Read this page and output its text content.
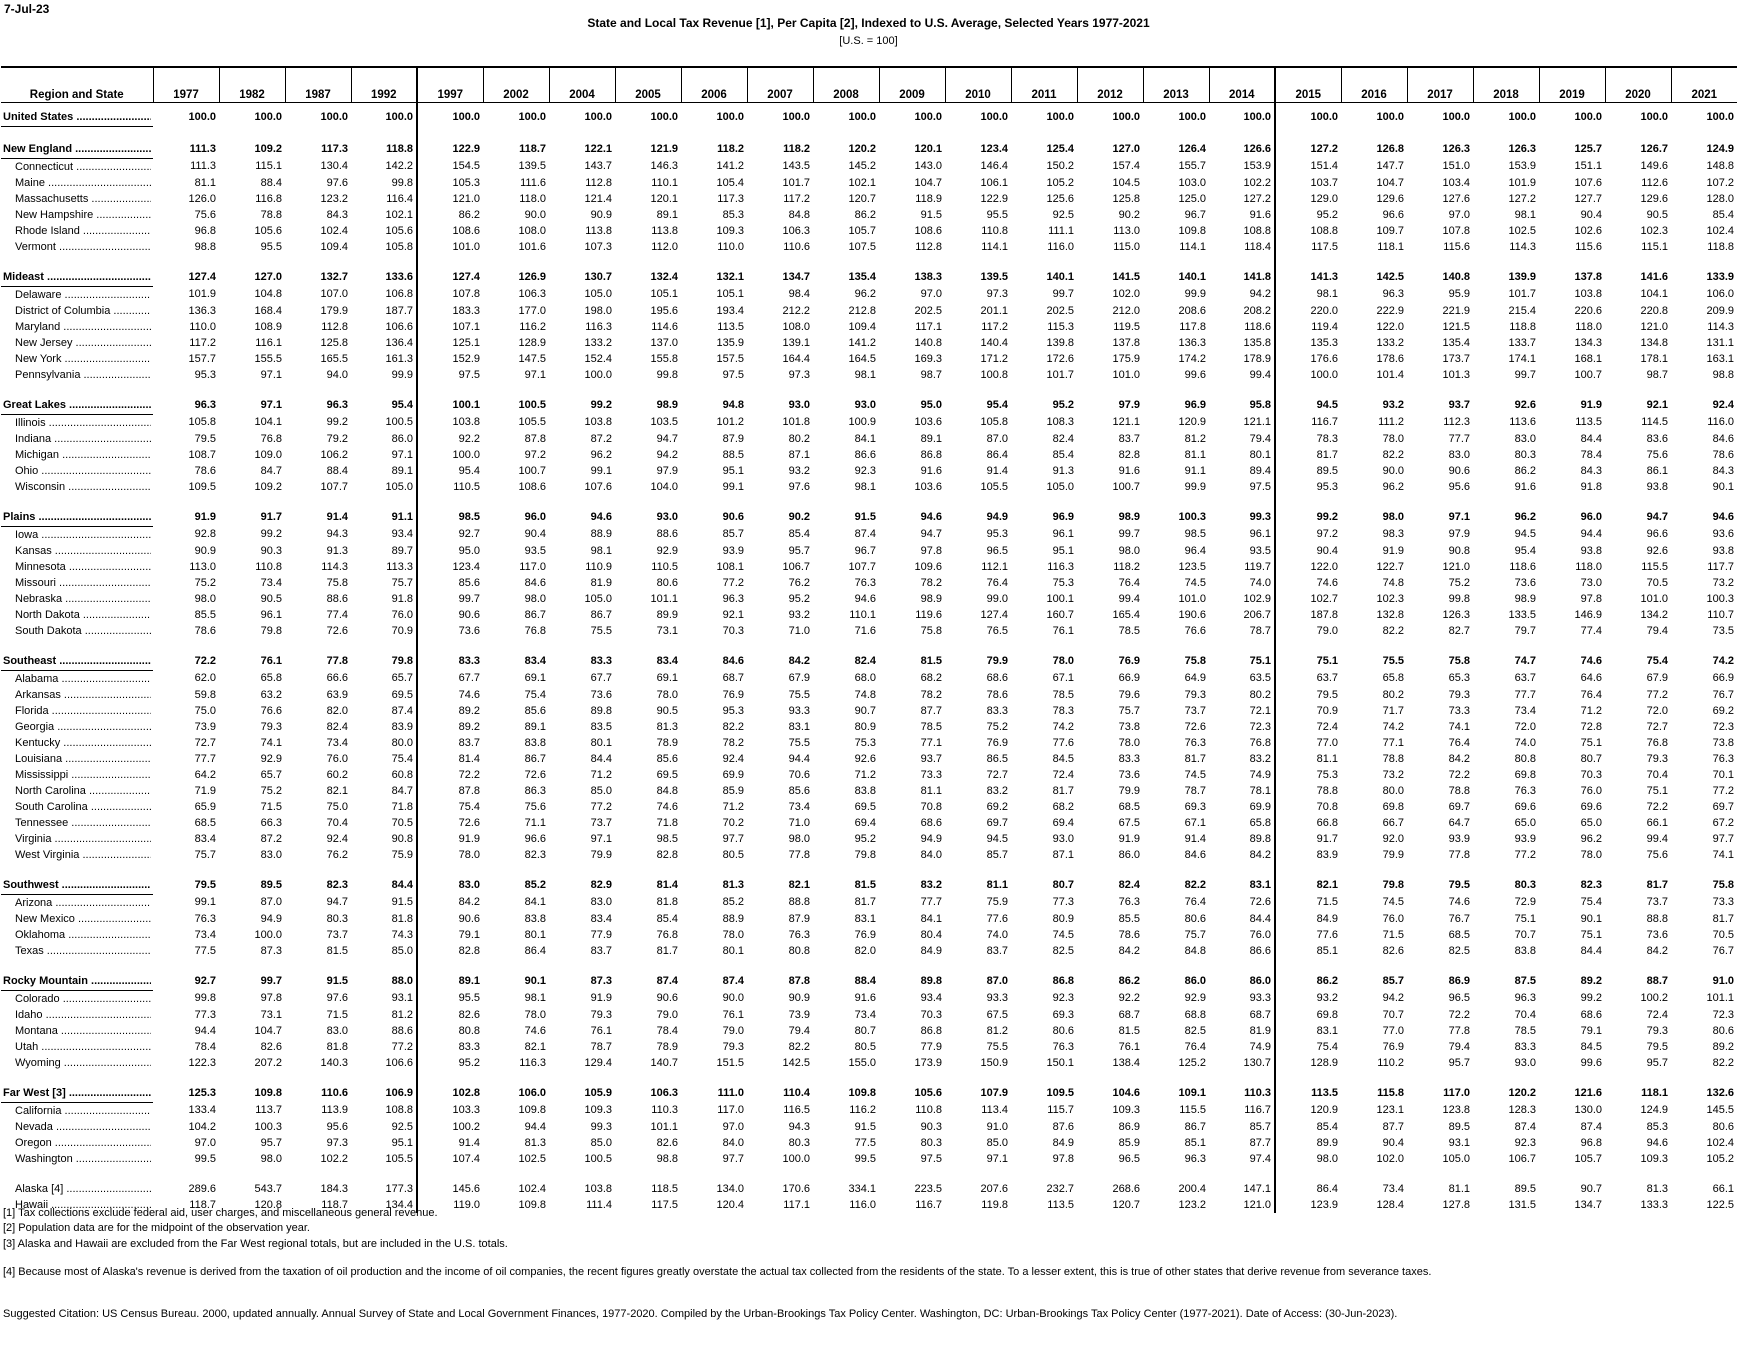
7-Jul-23
State and Local Tax Revenue [1], Per Capita [2], Indexed to U.S. Average, Selected Years 1977-2021
[U.S. = 100]
Region and State	1977	1982	1987	1992	1997	2002	2004	2005	2006	2007	2008	2009	2010	2011	2012	2013	2014	2015	2016	2017	2018	2019	2020	2021

United States .....	100.0	100.0	100.0	100.0	100.0	100.0	100.0	100.0	100.0	100.0	100.0	100.0	100.0	100.0	100.0	100.0	100.0	100.0	100.0	100.0	100.0	100.0	100.0	100.0

New England .....	111.3	109.2	117.3	118.8	122.9	118.7	122.1	121.9	118.2	118.2	120.2	120.1	123.4	125.4	127.0	126.4	126.6	127.2	126.8	126.3	126.3	125.7	126.7	124.9

Connecticut .....	111.3	115.1	130.4	142.2	154.5	139.5	143.7	146.3	141.2	143.5	145.2	143.0	146.4	150.2	157.4	155.7	153.9	151.4	147.7	151.0	153.9	151.1	149.6	148.8

Maine .....	81.1	88.4	97.6	99.8	105.3	111.6	112.8	110.1	105.4	101.7	102.1	104.7	106.1	105.2	104.5	103.0	102.2	103.7	104.7	103.4	101.9	107.6	112.6	107.2

Massachusetts .....	126.0	116.8	123.2	116.4	121.0	118.0	121.4	120.1	117.3	117.2	120.7	118.9	122.9	125.6	125.8	125.0	127.2	129.0	129.6	127.6	127.2	127.7	129.6	128.0

New Hampshire .....	75.6	78.8	84.3	102.1	86.2	90.0	90.9	89.1	85.3	84.8	86.2	91.5	95.5	92.5	90.2	96.7	91.6	95.2	96.6	97.0	98.1	90.4	90.5	85.4

Rhode Island .....	96.8	105.6	102.4	105.6	108.6	108.0	113.8	113.8	109.3	106.3	105.7	108.6	110.8	111.1	113.0	109.8	108.8	108.8	109.7	107.8	102.5	102.6	102.3	102.4

Vermont .....	98.8	95.5	109.4	105.8	101.0	101.6	107.3	112.0	110.0	110.6	107.5	112.8	114.1	116.0	115.0	114.1	118.4	117.5	118.1	115.6	114.3	115.6	115.1	118.8

Mideast .....	127.4	127.0	132.7	133.6	127.4	126.9	130.7	132.4	132.1	134.7	135.4	138.3	139.5	140.1	141.5	140.1	141.8	141.3	142.5	140.8	139.9	137.8	141.6	133.9

Delaware .....	101.9	104.8	107.0	106.8	107.8	106.3	105.0	105.1	105.1	98.4	96.2	97.0	97.3	99.7	102.0	99.9	94.2	98.1	96.3	95.9	101.7	103.8	104.1	106.0

District of Columbia .....	136.3	168.4	179.9	187.7	183.3	177.0	198.0	195.6	193.4	212.2	212.8	202.5	201.1	202.5	212.0	208.6	208.2	220.0	222.9	221.9	215.4	220.6	220.8	209.9

Maryland .....	110.0	108.9	112.8	106.6	107.1	116.2	116.3	114.6	113.5	108.0	109.4	117.1	117.2	115.3	119.5	117.8	118.6	119.4	122.0	121.5	118.8	118.0	121.0	114.3

New Jersey .....	117.2	116.1	125.8	136.4	125.1	128.9	133.2	137.0	135.9	139.1	141.2	140.8	140.4	139.8	137.8	136.3	135.8	135.3	133.2	135.4	133.7	134.3	134.8	131.1

New York .....	157.7	155.5	165.5	161.3	152.9	147.5	152.4	155.8	157.5	164.4	164.5	169.3	171.2	172.6	175.9	174.2	178.9	176.6	178.6	173.7	174.1	168.1	178.1	163.1

Pennsylvania .....	95.3	97.1	94.0	99.9	97.5	97.1	100.0	99.8	97.5	97.3	98.1	98.7	100.8	101.7	101.0	99.6	99.4	100.0	101.4	101.3	99.7	100.7	98.7	98.8

Great Lakes .....	96.3	97.1	96.3	95.4	100.1	100.5	99.2	98.9	94.8	93.0	93.0	95.0	95.4	95.2	97.9	96.9	95.8	94.5	93.2	93.7	92.6	91.9	92.1	92.4

Illinois .....	105.8	104.1	99.2	100.5	103.8	105.5	103.8	103.5	101.2	101.8	100.9	103.6	105.8	108.3	121.1	120.9	121.1	116.7	111.2	112.3	113.6	113.5	114.5	116.0

Indiana .....	79.5	76.8	79.2	86.0	92.2	87.8	87.2	94.7	87.9	80.2	84.1	89.1	87.0	82.4	83.7	81.2	79.4	78.3	78.0	77.7	83.0	84.4	83.6	84.6

Michigan .....	108.7	109.0	106.2	97.1	100.0	97.2	96.2	94.2	88.5	87.1	86.6	86.8	86.4	85.4	82.8	81.1	80.1	81.7	82.2	83.0	80.3	78.4	75.6	78.6

Ohio .....	78.6	84.7	88.4	89.1	95.4	100.7	99.1	97.9	95.1	93.2	92.3	91.6	91.4	91.3	91.6	91.1	89.4	89.5	90.0	90.6	86.2	84.3	86.1	84.3

Wisconsin .....	109.5	109.2	107.7	105.0	110.5	108.6	107.6	104.0	99.1	97.6	98.1	103.6	105.5	105.0	100.7	99.9	97.5	95.3	96.2	95.6	91.6	91.8	93.8	90.1

Plains .....	91.9	91.7	91.4	91.1	98.5	96.0	94.6	93.0	90.6	90.2	91.5	94.6	94.9	96.9	98.9	100.3	99.3	99.2	98.0	97.1	96.2	96.0	94.7	94.6

Iowa .....	92.8	99.2	94.3	93.4	92.7	90.4	88.9	88.6	85.7	85.4	87.4	94.7	95.3	96.1	99.7	98.5	96.1	97.2	98.3	97.9	94.5	94.4	96.6	93.6

Kansas .....	90.9	90.3	91.3	89.7	95.0	93.5	98.1	92.9	93.9	95.7	96.7	97.8	96.5	95.1	98.0	96.4	93.5	90.4	91.9	90.8	95.4	93.8	92.6	93.8

Minnesota .....	113.0	110.8	114.3	113.3	123.4	117.0	110.9	110.5	108.1	106.7	107.7	109.6	112.1	116.3	118.2	123.5	119.7	122.0	122.7	121.0	118.6	118.0	115.5	117.7

Missouri .....	75.2	73.4	75.8	75.7	85.6	84.6	81.9	80.6	77.2	76.2	76.3	78.2	76.4	75.3	76.4	74.5	74.0	74.6	74.8	75.2	73.6	73.0	70.5	73.2

Nebraska .....	98.0	90.5	88.6	91.8	99.7	98.0	105.0	101.1	96.3	95.2	94.6	98.9	99.0	100.1	99.4	101.0	102.9	102.7	102.3	99.8	98.9	97.8	101.0	100.3

North Dakota .....	85.5	96.1	77.4	76.0	90.6	86.7	86.7	89.9	92.1	93.2	110.1	119.6	127.4	160.7	165.4	190.6	206.7	187.8	132.8	126.3	133.5	146.9	134.2	110.7

South Dakota .....	78.6	79.8	72.6	70.9	73.6	76.8	75.5	73.1	70.3	71.0	71.6	75.8	76.5	76.1	78.5	76.6	78.7	79.0	82.2	82.7	79.7	77.4	79.4	73.5

Southeast .....	72.2	76.1	77.8	79.8	83.3	83.4	83.3	83.4	84.6	84.2	82.4	81.5	79.9	78.0	76.9	75.8	75.1	75.1	75.5	75.8	74.7	74.6	75.4	74.2

Alabama .....	62.0	65.8	66.6	65.7	67.7	69.1	67.7	69.1	68.7	67.9	68.0	68.2	68.6	67.1	66.9	64.9	63.5	63.7	65.8	65.3	63.7	64.6	67.9	66.9

Arkansas .....	59.8	63.2	63.9	69.5	74.6	75.4	73.6	78.0	76.9	75.5	74.8	78.2	78.6	78.5	79.6	79.3	80.2	79.5	80.2	79.3	77.7	76.4	77.2	76.7

Florida .....	75.0	76.6	82.0	87.4	89.2	85.6	89.8	90.5	95.3	93.3	90.7	87.7	83.3	78.3	75.7	73.7	72.1	70.9	71.7	73.3	73.4	71.2	72.0	69.2

Georgia .....	73.9	79.3	82.4	83.9	89.2	89.1	83.5	81.3	82.2	83.1	80.9	78.5	75.2	74.2	73.8	72.6	72.3	72.4	74.2	74.1	72.0	72.8	72.7	72.3

Kentucky .....	72.7	74.1	73.4	80.0	83.7	83.8	80.1	78.9	78.2	75.5	75.3	77.1	76.9	77.6	78.0	76.3	76.8	77.0	77.1	76.4	74.0	75.1	76.8	73.8

Louisiana .....	77.7	92.9	76.0	75.4	81.4	86.7	84.4	85.6	92.4	94.4	92.6	93.7	86.5	84.5	83.3	81.7	83.2	81.1	78.8	84.2	80.8	80.7	79.3	76.3

Mississippi .....	64.2	65.7	60.2	60.8	72.2	72.6	71.2	69.5	69.9	70.6	71.2	73.3	72.7	72.4	73.6	74.5	74.9	75.3	73.2	72.2	69.8	70.3	70.4	70.1

North Carolina .....	71.9	75.2	82.1	84.7	87.8	86.3	85.0	84.8	85.9	85.6	83.8	81.1	83.2	81.7	79.9	78.7	78.1	78.8	80.0	78.8	76.3	76.0	75.1	77.2

South Carolina .....	65.9	71.5	75.0	71.8	75.4	75.6	77.2	74.6	71.2	73.4	69.5	70.8	69.2	68.2	68.5	69.3	69.9	70.8	69.8	69.7	69.6	69.6	72.2	69.7

Tennessee .....	68.5	66.3	70.4	70.5	72.6	71.1	73.7	71.8	70.2	71.0	69.4	68.6	69.7	69.4	67.5	67.1	65.8	66.8	66.7	64.7	65.0	65.0	66.1	67.2

Virginia .....	83.4	87.2	92.4	90.8	91.9	96.6	97.1	98.5	97.7	98.0	95.2	94.9	94.5	93.0	91.9	91.4	89.8	91.7	92.0	93.9	93.9	96.2	99.4	97.7

West Virginia .....	75.7	83.0	76.2	75.9	78.0	82.3	79.9	82.8	80.5	77.8	79.8	84.0	85.7	87.1	86.0	84.6	84.2	83.9	79.9	77.8	77.2	78.0	75.6	74.1

Southwest .....	79.5	89.5	82.3	84.4	83.0	85.2	82.9	81.4	81.3	82.1	81.5	83.2	81.1	80.7	82.4	82.2	83.1	82.1	79.8	79.5	80.3	82.3	81.7	75.8

Arizona .....	99.1	87.0	94.7	91.5	84.2	84.1	83.0	81.8	85.2	88.8	81.7	77.7	75.9	77.3	76.3	76.4	72.6	71.5	74.5	74.6	72.9	75.4	73.7	73.3

New Mexico .....	76.3	94.9	80.3	81.8	90.6	83.8	83.4	85.4	88.9	87.9	83.1	84.1	77.6	80.9	85.5	80.6	84.4	84.9	76.0	76.7	75.1	90.1	88.8	81.7

Oklahoma .....	73.4	100.0	73.7	74.3	79.1	80.1	77.9	76.8	78.0	76.3	76.9	80.4	74.0	74.5	78.6	75.7	76.0	77.6	71.5	68.5	70.7	75.1	73.6	70.5

Texas .....	77.5	87.3	81.5	85.0	82.8	86.4	83.7	81.7	80.1	80.8	82.0	84.9	83.7	82.5	84.2	84.8	86.6	85.1	82.6	82.5	83.8	84.4	84.2	76.7

Rocky Mountain .....	92.7	99.7	91.5	88.0	89.1	90.1	87.3	87.4	87.4	87.8	88.4	89.8	87.0	86.8	86.2	86.0	86.0	86.2	85.7	86.9	87.5	89.2	88.7	91.0

Colorado .....	99.8	97.8	97.6	93.1	95.5	98.1	91.9	90.6	90.0	90.9	91.6	93.4	93.3	92.3	92.2	92.9	93.3	93.2	94.2	96.5	96.3	99.2	100.2	101.1

Idaho .....	77.3	73.1	71.5	81.2	82.6	78.0	79.3	79.0	76.1	73.9	73.4	70.3	67.5	69.3	68.7	68.8	68.7	69.8	70.7	72.2	70.4	68.6	72.4	72.3

Montana .....	94.4	104.7	83.0	88.6	80.8	74.6	76.1	78.4	79.0	79.4	80.7	86.8	81.2	80.6	81.5	82.5	81.9	83.1	77.0	77.8	78.5	79.1	79.3	80.6

Utah .....	78.4	82.6	81.8	77.2	83.3	82.1	78.7	78.9	79.3	82.2	80.5	77.9	75.5	76.3	76.1	76.4	74.9	75.4	76.9	79.4	83.3	84.5	79.5	89.2

Wyoming .....	122.3	207.2	140.3	106.6	95.2	116.3	129.4	140.7	151.5	142.5	155.0	173.9	150.9	150.1	138.4	125.2	130.7	128.9	110.2	95.7	93.0	99.6	95.7	82.2

Far West [3] .....	125.3	109.8	110.6	106.9	102.8	106.0	105.9	106.3	111.0	110.4	109.8	105.6	107.9	109.5	104.6	109.1	110.3	113.5	115.8	117.0	120.2	121.6	118.1	132.6

California .....	133.4	113.7	113.9	108.8	103.3	109.8	109.3	110.3	117.0	116.5	116.2	110.8	113.4	115.7	109.3	115.5	116.7	120.9	123.1	123.8	128.3	130.0	124.9	145.5

Nevada .....	104.2	100.3	95.6	92.5	100.2	94.4	99.3	101.1	97.0	94.3	91.5	90.3	91.0	87.6	86.9	86.7	85.7	85.4	87.7	89.5	87.4	87.4	85.3	80.6

Oregon .....	97.0	95.7	97.3	95.1	91.4	81.3	85.0	82.6	84.0	80.3	77.5	80.3	85.0	84.9	85.9	85.1	87.7	89.9	90.4	93.1	92.3	96.8	94.6	102.4

Washington .....	99.5	98.0	102.2	105.5	107.4	102.5	100.5	98.8	97.7	100.0	99.5	97.5	97.1	97.8	96.5	96.3	97.4	98.0	102.0	105.0	106.7	105.7	109.3	105.2

Alaska [4] .....	289.6	543.7	184.3	177.3	145.6	102.4	103.8	118.5	134.0	170.6	334.1	223.5	207.6	232.7	268.6	200.4	147.1	86.4	73.4	81.1	89.5	90.7	81.3	66.1

Hawaii .....	118.7	120.8	118.7	134.4	119.0	109.8	111.4	117.5	120.4	117.1	116.0	116.7	119.8	113.5	120.7	123.2	121.0	123.9	128.4	127.8	131.5	134.7	133.3	122.5
[1] Tax collections exclude federal aid, user charges, and miscellaneous general revenue.
[2] Population data are for the midpoint of the observation year.
[3] Alaska and Hawaii are excluded from the Far West regional totals, but are included in the U.S. totals.
[4] Because most of Alaska's revenue is derived from the taxation of oil production and the income of oil companies, the recent figures greatly overstate the actual tax collected from the residents of the state. To a lesser extent, this is true of other states that derive revenue from severance taxes.
Suggested Citation: US Census Bureau. 2000, updated annually. Annual Survey of State and Local Government Finances, 1977-2020. Compiled by the Urban-Brookings Tax Policy Center. Washington, DC: Urban-Brookings Tax Policy Center (1977-2021). Date of Access: (30-Jun-2023).
